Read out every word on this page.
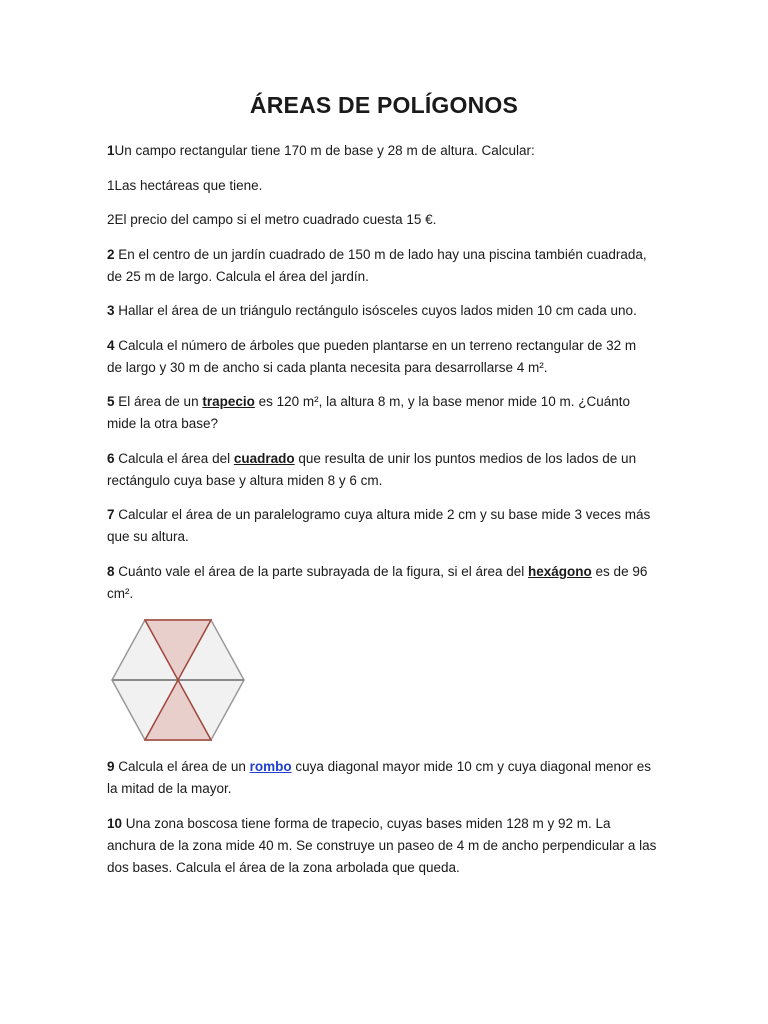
ÁREAS DE POLÍGONOS
1Un campo rectangular tiene 170 m de base y 28 m de altura. Calcular:
1Las hectáreas que tiene.
2El precio del campo si el metro cuadrado cuesta 15 €.
2 En el centro de un jardín cuadrado de 150 m de lado hay una piscina también cuadrada,
de 25 m de largo. Calcula el área del jardín.
3 Hallar el área de un triángulo rectángulo isósceles cuyos lados miden 10 cm cada uno.
4 Calcula el número de árboles que pueden plantarse en un terreno rectangular de 32 m
de largo y 30 m de ancho si cada planta necesita para desarrollarse 4 m².
5 El área de un trapecio es 120 m², la altura 8 m, y la base menor mide 10 m. ¿Cuánto
mide la otra base?
6 Calcula el área del cuadrado que resulta de unir los puntos medios de los lados de un
rectángulo cuya base y altura miden 8 y 6 cm.
7 Calcular el área de un paralelogramo cuya altura mide 2 cm y su base mide 3 veces más
que su altura.
8 Cuánto vale el área de la parte subrayada de la figura, si el área del hexágono es de 96
cm².
9 Calcula el área de un rombo cuya diagonal mayor mide 10 cm y cuya diagonal menor es
la mitad de la mayor.
10 Una zona boscosa tiene forma de trapecio, cuyas bases miden 128 m y 92 m. La
anchura de la zona mide 40 m. Se construye un paseo de 4 m de ancho perpendicular a las
dos bases. Calcula el área de la zona arbolada que queda.
